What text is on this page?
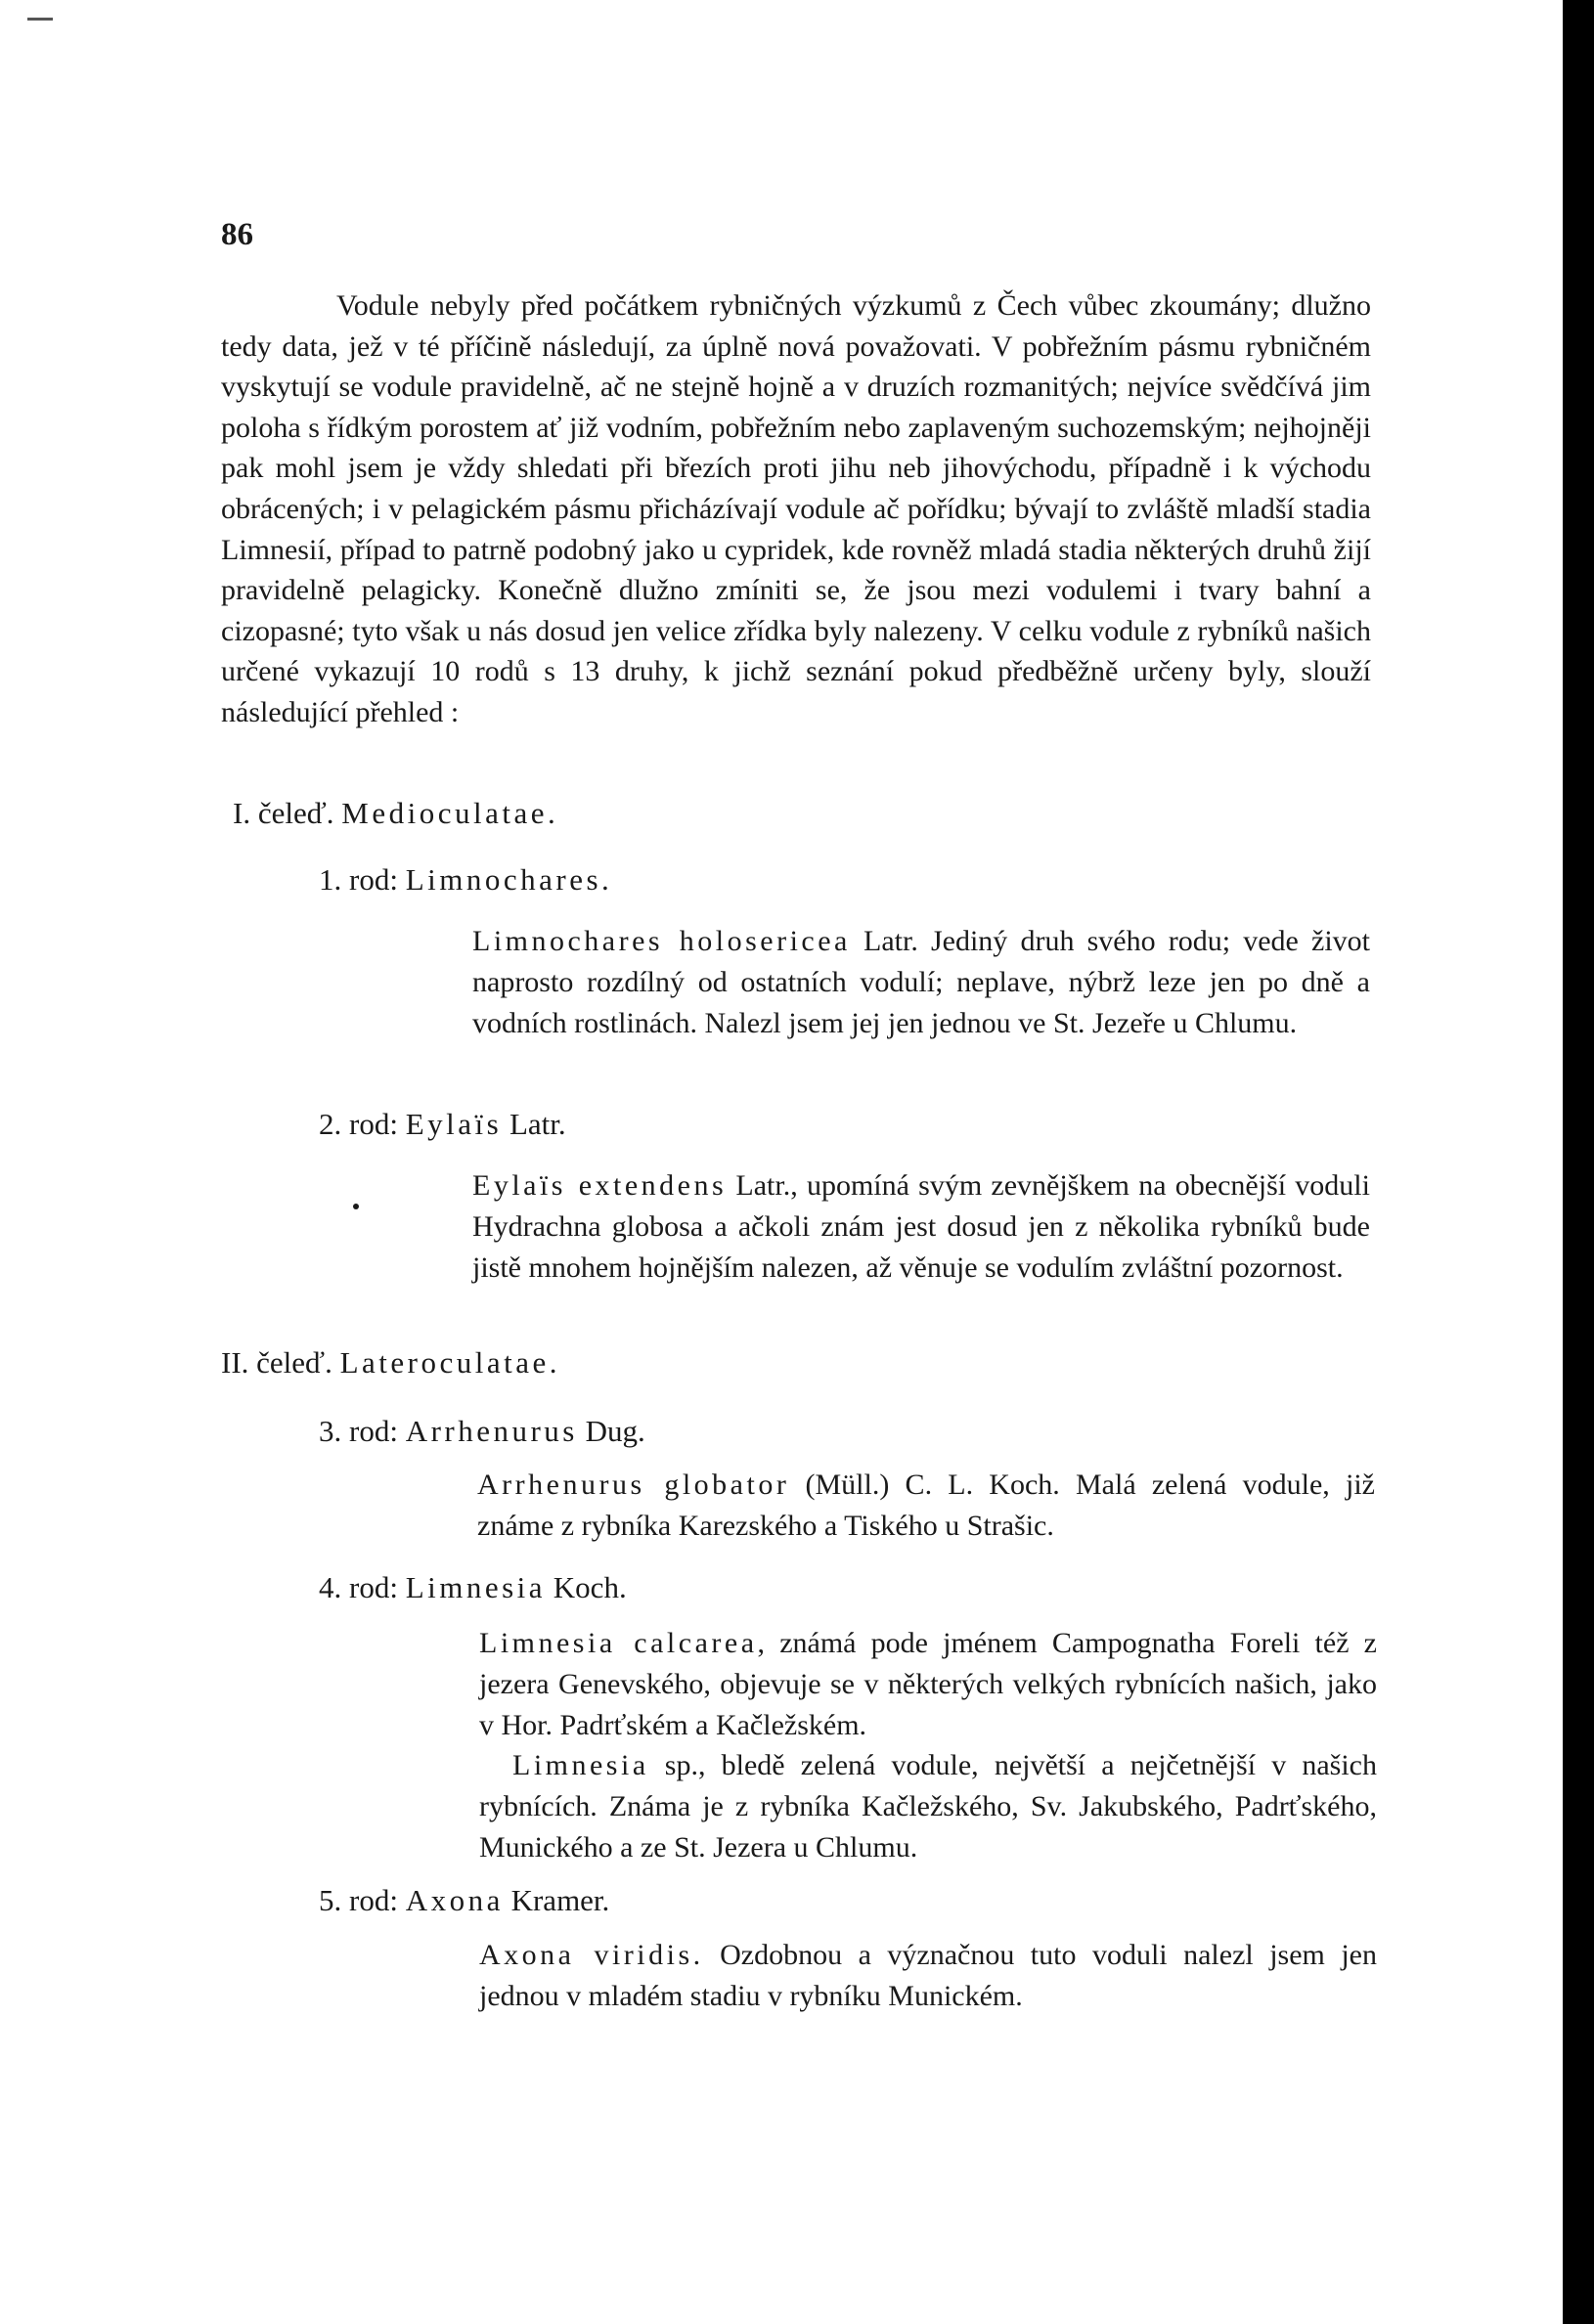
86

Vodule nebyly před počátkem rybničných výzkumů z Čech vůbec zkoumány; dlužno tedy data, jež v té příčině následují, za úplně nová považovati. V pobřežním pásmu rybničném vyskytují se vodule pravidelně, ač ne stejně hojně a v druzích rozmanitých; nejvíce svědčívá jim poloha s řídkým porostem ať již vodním, pobřežním nebo zaplaveným suchozemským; nejhojněji pak mohl jsem je vždy shledati při březích proti jihu neb jihovýchodu, případně i k východu obrácených; i v pelagickém pásmu přicházívají vodule ač pořídku; bývají to zvláště mladší stadia Limnesií, případ to patrně podobný jako u cypridek, kde rovněž mladá stadia některých druhů žijí pravidelně pelagicky. Konečně dlužno zmíniti se, že jsou mezi vodulemi i tvary bahní a cizopasné; tyto však u nás dosud jen velice zřídka byly nalezeny. V celku vodule z rybníků našich určené vykazují 10 rodů s 13 druhy, k jichž seznání pokud předběžně určeny byly, slouží následující přehled :

I. čeleď. Medioculatae.
1. rod: Limnochares.

Limnochares holosericea Latr. Jediný druh svého rodu; vede život naprosto rozdílný od ostatních vodulí; neplave, nýbrž leze jen po dně a vodních rostlinách. Nalezl jsem jej jen jednou ve St. Jezeře u Chlumu.

2. rod: Eylaïs Latr.

Eylaïs extendens Latr., upomíná svým zevnějškem na obecnější voduli Hydrachna globosa a ačkoli znám jest dosud jen z několika rybníků bude jistě mnohem hojnějším nalezen, až věnuje se vodulím zvláštní pozornost.

II. čeleď. Lateroculatae.
3. rod: Arrhenurus Dug.

Arrhenurus globator (Müll.) C. L. Koch. Malá zelená vodule, již známe z rybníka Karezského a Tiského u Strašic.

4. rod: Limnesia Koch.

Limnesia calcarea, známá pode jménem Campognatha Foreli též z jezera Genevského, objevuje se v některých velkých rybnících našich, jako v Hor. Padrťském a Kačležském.

Limnesia sp., bledě zelená vodule, největší a nejčetnější v našich rybnících. Známa je z rybníka Kačležského, Sv. Jakubského, Padrťského, Munického a ze St. Jezera u Chlumu.

5. rod: Axona Kramer.

Axona viridis. Ozdobnou a význačnou tuto voduli nalezl jsem jen jednou v mladém stadiu v rybníku Munickém.
